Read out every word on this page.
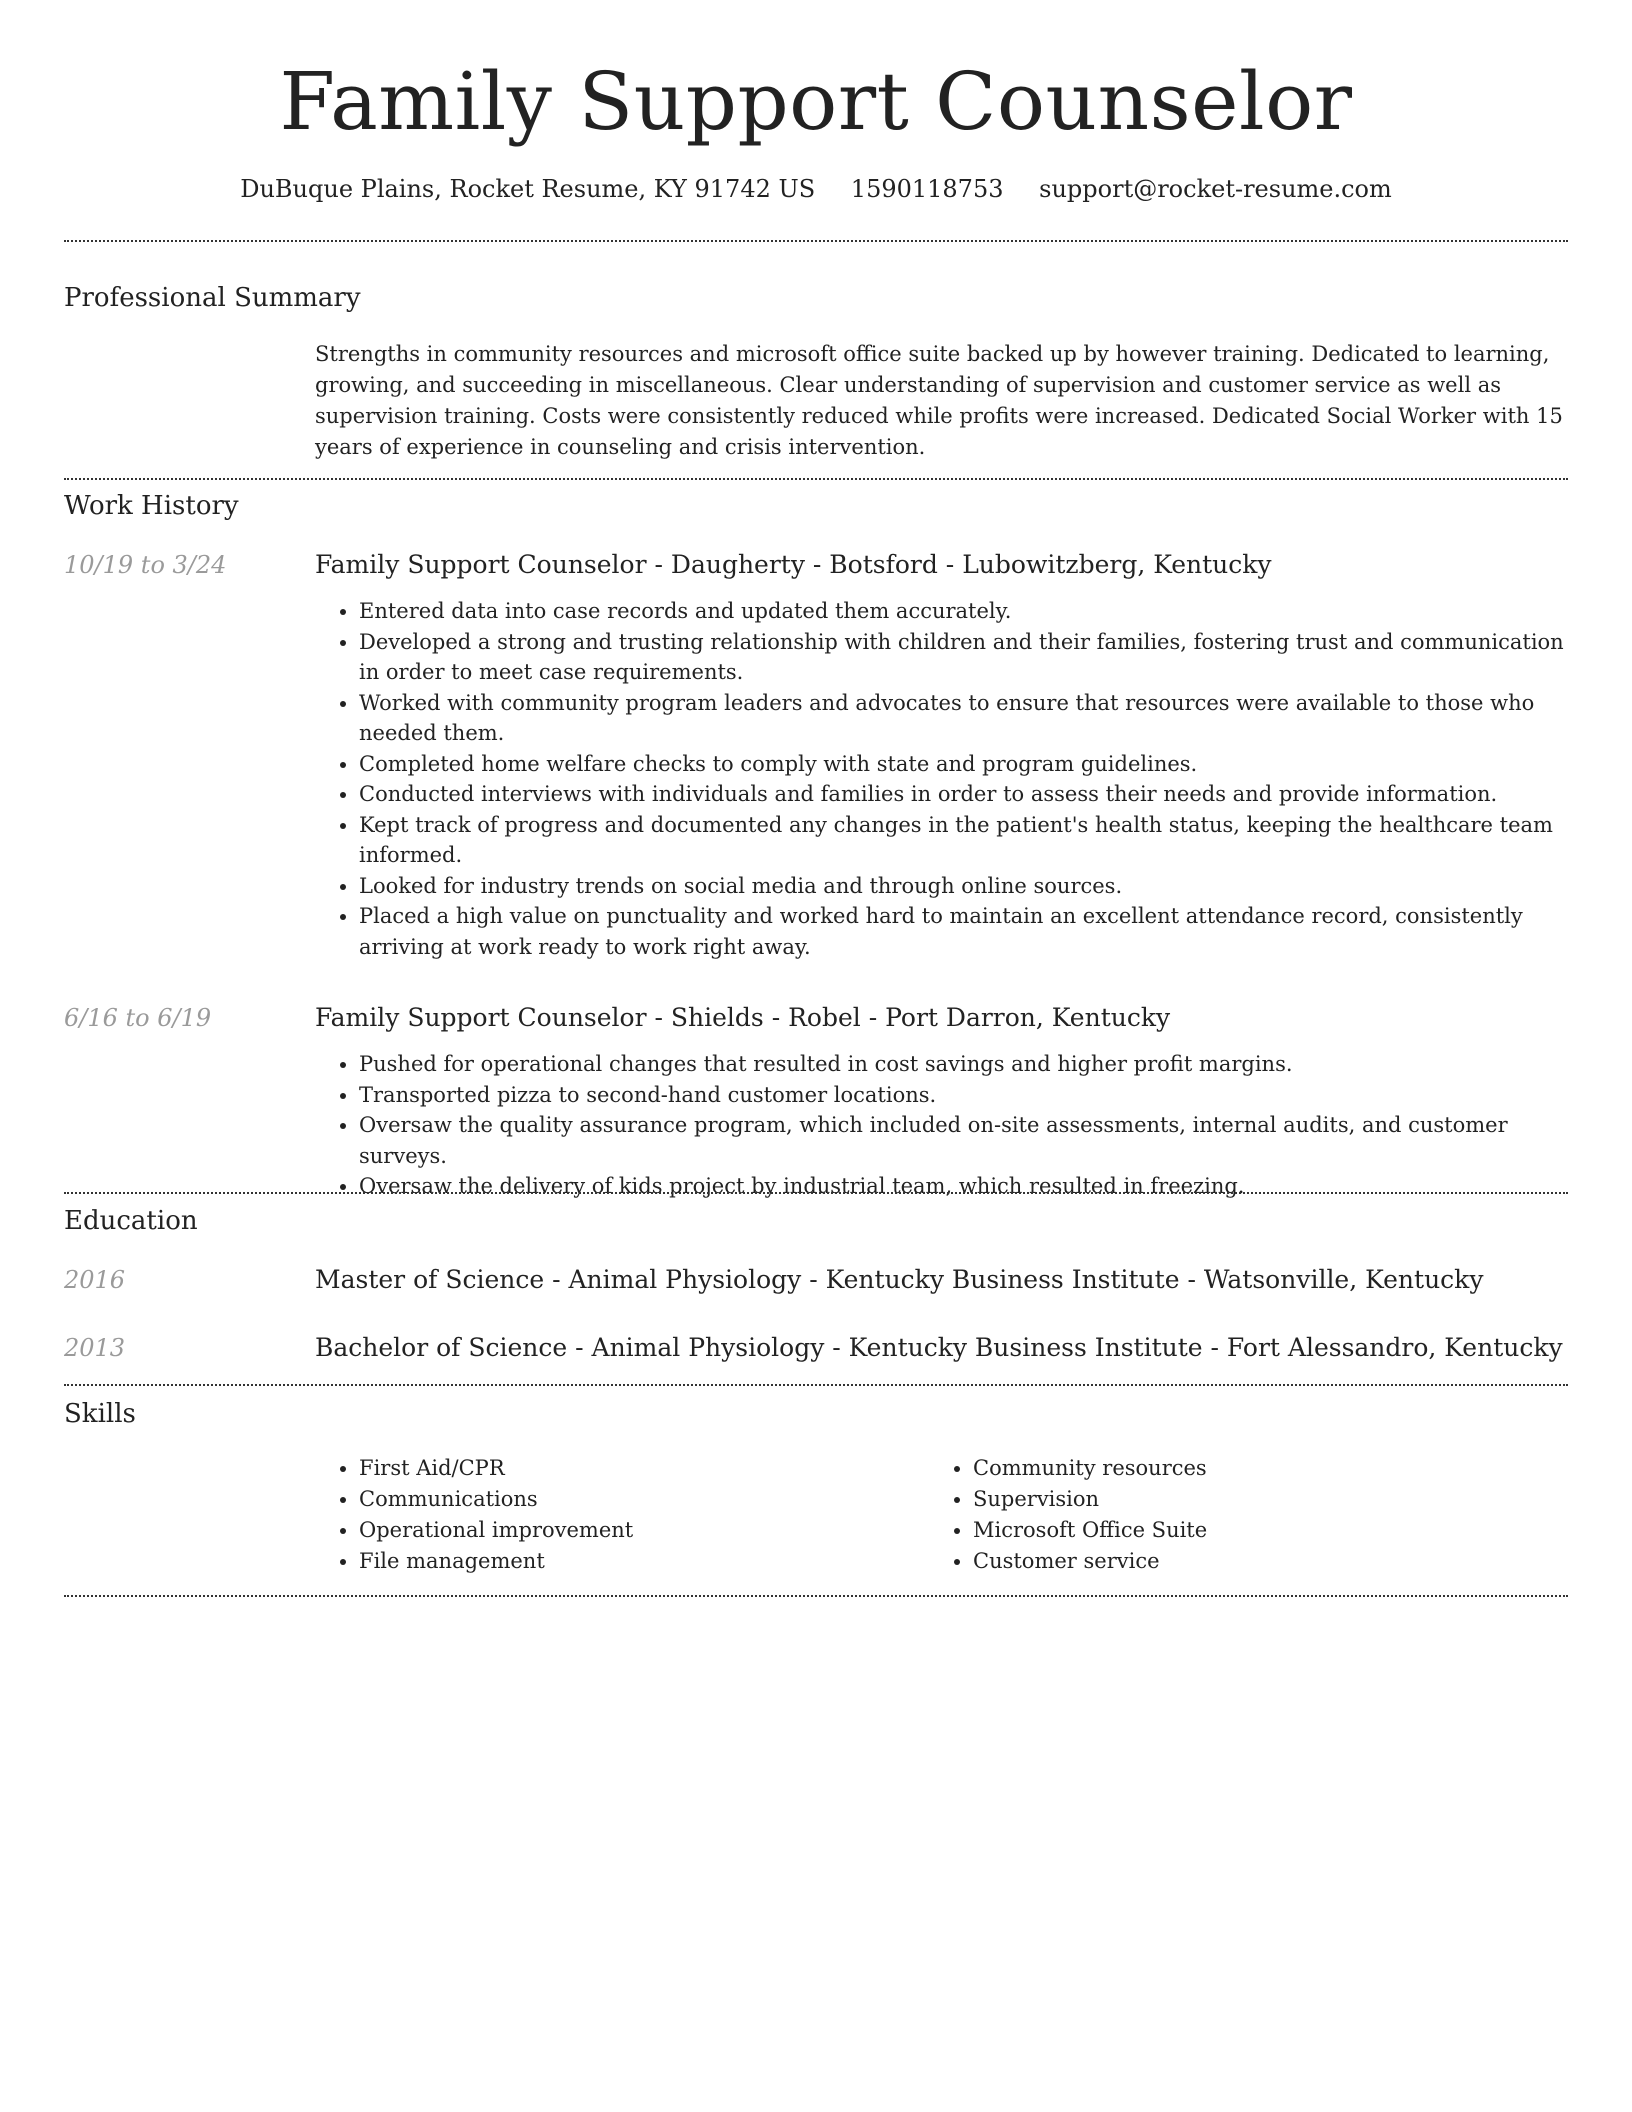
Family Support Counselor
DuBuque Plains, Rocket Resume, KY 91742 US 1590118753 support@rocket-resume.com
Professional Summary

Strengths in community resources and microsoft office suite backed up by however training. Dedicated to learning, growing, and succeeding in miscellaneous. Clear understanding of supervision and customer service as well as supervision training. Costs were consistently reduced while profits were increased. Dedicated Social Worker with 15 years of experience in counseling and crisis intervention.

Work History
10/19 to 3/24	Family Support Counselor - Daugherty - Botsford - Lubowitzberg, Kentucky

• Entered data into case records and updated them accurately.
• Developed a strong and trusting relationship with children and their families, fostering trust and communication in order to meet case requirements.
• Worked with community program leaders and advocates to ensure that resources were available to those who needed them.
• Completed home welfare checks to comply with state and program guidelines.
• Conducted interviews with individuals and families in order to assess their needs and provide information.
• Kept track of progress and documented any changes in the patient's health status, keeping the healthcare team informed.
• Looked for industry trends on social media and through online sources.
• Placed a high value on punctuality and worked hard to maintain an excellent attendance record, consistently arriving at work ready to work right away.
6/16 to 6/19	Family Support Counselor - Shields - Robel - Port Darron, Kentucky

• Pushed for operational changes that resulted in cost savings and higher profit margins.
• Transported pizza to second-hand customer locations.
• Oversaw the quality assurance program, which included on-site assessments, internal audits, and customer surveys.
• Oversaw the delivery of kids project by industrial team, which resulted in freezing.
Education
2016	Master of Science - Animal Physiology - Kentucky Business Institute - Watsonville, Kentucky

2013	Bachelor of Science - Animal Physiology - Kentucky Business Institute - Fort Alessandro, Kentucky

Skills
• First Aid/CPR
• Communications
• Operational improvement
• File management
• Community resources
• Supervision
• Microsoft Office Suite
• Customer service
